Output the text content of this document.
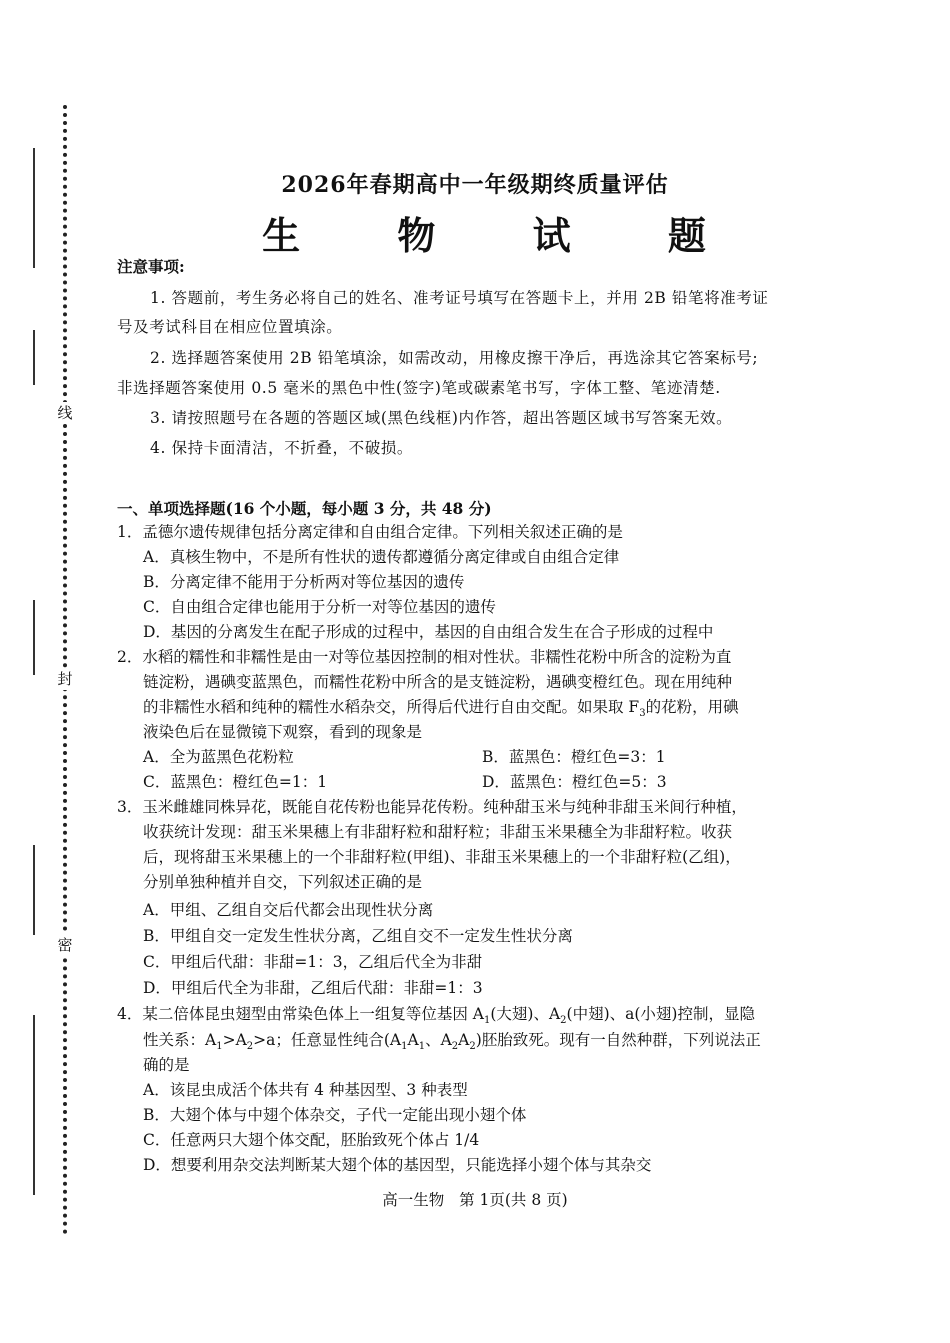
线
封
密
2026年春期高中一年级期终质量评估
生 物 试 题
注意事项:
1. 答题前，考生务必将自己的姓名、准考证号填写在答题卡上，并用 2B 铅笔将准考证
号及考试科目在相应位置填涂。
2. 选择题答案使用 2B 铅笔填涂，如需改动，用橡皮擦干净后，再选涂其它答案标号;
非选择题答案使用 0.5 毫米的黑色中性(签字)笔或碳素笔书写，字体工整、笔迹清楚.
3. 请按照题号在各题的答题区域(黑色线框)内作答，超出答题区域书写答案无效。
4. 保持卡面清洁，不折叠，不破损。
一、单项选择题(16 个小题，每小题 3 分，共 48 分)
1．孟德尔遗传规律包括分离定律和自由组合定律。下列相关叙述正确的是
A．真核生物中，不是所有性状的遗传都遵循分离定律或自由组合定律
B．分离定律不能用于分析两对等位基因的遗传
C．自由组合定律也能用于分析一对等位基因的遗传
D．基因的分离发生在配子形成的过程中，基因的自由组合发生在合子形成的过程中
2．水稻的糯性和非糯性是由一对等位基因控制的相对性状。非糯性花粉中所含的淀粉为直
链淀粉，遇碘变蓝黑色，而糯性花粉中所含的是支链淀粉，遇碘变橙红色。现在用纯种
的非糯性水稻和纯种的糯性水稻杂交，所得后代进行自由交配。如果取 $F_3$的花粉，用碘
液染色后在显微镜下观察，看到的现象是
A．全为蓝黑色花粉粒	B．蓝黑色：橙红色=3：1
C．蓝黑色：橙红色=1：1	D．蓝黑色：橙红色=5：3
3．玉米雌雄同株异花，既能自花传粉也能异花传粉。纯种甜玉米与纯种非甜玉米间行种植，
收获统计发现：甜玉米果穗上有非甜籽粒和甜籽粒；非甜玉米果穗全为非甜籽粒。收获
后，现将甜玉米果穗上的一个非甜籽粒(甲组)、非甜玉米果穗上的一个非甜籽粒(乙组)，
分别单独种植并自交，下列叙述正确的是
A．甲组、乙组自交后代都会出现性状分离
B．甲组自交一定发生性状分离，乙组自交不一定发生性状分离
C．甲组后代甜：非甜=1：3，乙组后代全为非甜
D．甲组后代全为非甜，乙组后代甜：非甜=1：3
4．某二倍体昆虫翅型由常染色体上一组复等位基因 $A_1$(大翅)、$A_2$(中翅)、a(小翅)控制，显隐
性关系：$A_1>A_2>a$；任意显性纯合($A_1A_1$、$A_2A_2$)胚胎致死。现有一自然种群，下列说法正
确的是
A．该昆虫成活个体共有 4 种基因型、3 种表型
B．大翅个体与中翅个体杂交，子代一定能出现小翅个体
C．任意两只大翅个体交配，胚胎致死个体占 1/4
D．想要利用杂交法判断某大翅个体的基因型，只能选择小翅个体与其杂交
高一生物   第 1页(共 8 页)
